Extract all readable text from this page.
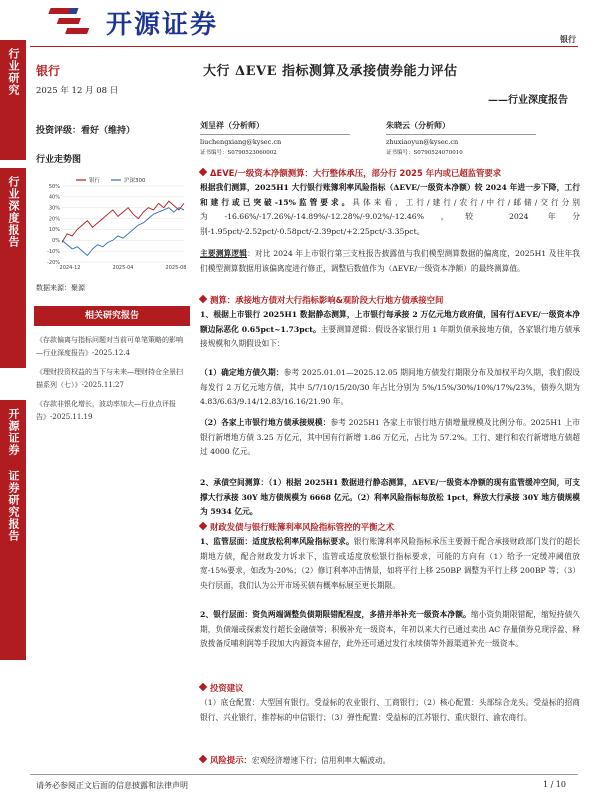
开源证券	银行
行业研究
行业深度报告
开源证券 证券研究报告
银行
2025 年 12 月 08 日
投资评级：看好（维持）
行业走势图
50%
40%
30%
20%
10%
0%
-10%
-20%
2024-12	2025-04	2025-08
银行	沪深300
数据来源：聚源
相关研究报告
《存款偏离与指标问题对当前可单笔策略的影响—行业深度报告》-2025.12.4
《理财投资权益的当下与未来—理财持仓全景扫描系列（七）》-2025.11.27
《存款非银化增长，波动率加大—行业点评报告》-2025.11.19
大行 ΔEVE 指标测算及承接债券能力评估
——行业深度报告
刘呈祥（分析师）
liuchengxiang@kysec.cn
证书编号：S0790523060002
朱晓云（分析师）
zhuxiaoyun@kysec.cn
证书编号：S0790524070010
ΔEVE/一级资本净额测算：大行整体承压，部分行 2025 年内或已超监管要求
根据我们测算，2025H1 大行银行账簿利率风险指标（ΔEVE/一级资本净额）较 2024 年进一步下降，工行和建行或已突破-15%监管要求。具体来看，工行/建行/农行/中行/邮储/交行分别为-16.66%/-17.26%/-14.89%/-12.28%/-9.02%/-12.46%，较 2024 年分别-1.95pct/-2.52pct/-0.58pct/-2.39pct/+2.25pct/-3.35pct。
主要测算逻辑：对比 2024 年上市银行第三支柱报告披露值与我们模型测算数据的偏离度，2025H1 及往年我们模型测算数据用该偏离度进行修正，调整后数值作为（ΔEVE/一级资本净额）的最终测算值。
测算：承接地方债对大行指标影响&观阶段大行地方债承接空间
1、根据上市银行 2025H1 数据静态测算，上市银行每承接 2 万亿元地方政府债，国有行ΔEVE/一级资本净额边际恶化 0.65pct~1.73pct。主要测算逻辑：假设各家银行用 1 年期负债承接地方债，各家银行地方债承接规模和久期假设如下：
（1）确定地方债久期：参考 2025.01.01—2025.12.05 期间地方债发行期限分布及加权平均久期，我们假设每发行 2 万亿元地方债，其中 5/7/10/15/20/30 年占比分别为 5%/15%/30%/10%/17%/23%，债券久期为 4.83/6.63/9.14/12.83/16.16/21.90 年。
（2）各家上市银行地方债承接规模：参考 2025H1 各家上市银行地方债增量规模及比例分布。2025H1 上市银行新增地方债 3.25 万亿元，其中国有行新增 1.86 万亿元，占比为 57.2%。工行、建行和农行新增地方债超过 4000 亿元。
2、承债空间测算：（1）根据 2025H1 数据进行静态测算，ΔEVE/一级资本净额的现有监管缓冲空间，可支撑大行承接 30Y 地方债规模为 6668 亿元。（2）利率风险指标每放松 1pct，释放大行承接 30Y 地方债规模为 5934 亿元。
财政发债与银行账簿利率风险指标管控的平衡之术
1、监管层面：适度放松利率风险指标要求。银行账簿利率风险指标承压主要源于配合承接财政部门发行的超长期地方债，配合财政发力诉求下，监管或适度放松银行指标要求，可能的方向有（1）给予一定缓冲阈值放宽-15%要求，如改为-20%；（2）修订利率冲击情景，如将平行上移 250BP 调整为平行上移 200BP 等；（3）央行层面，我们认为公开市场买债有概率标展至更长期限。
2、银行层面：资负两端调整负债期限错配程度，多措并举补充一级资本净额。缩小资负期限错配，缩短持债久期，负债端或探索发行超长金融债等；积极补充一级资本，年初以来大行已通过卖出 AC 存量债券兑现浮盈、释放拨备反哺利润等手段加大内源资本留存，此外还可通过发行永续债等外源渠道补充一级资本。
投资建议
（1）底仓配置：大型国有银行。受益标的农业银行、工商银行；（2）核心配置：头部综合龙头。受益标的招商银行、兴业银行，推荐标的中信银行；（3）弹性配置：受益标的江苏银行、重庆银行、渝农商行。
风险提示：宏观经济增速下行；信用利率大幅波动。
请务必参阅正文后面的信息披露和法律声明	1 / 10
